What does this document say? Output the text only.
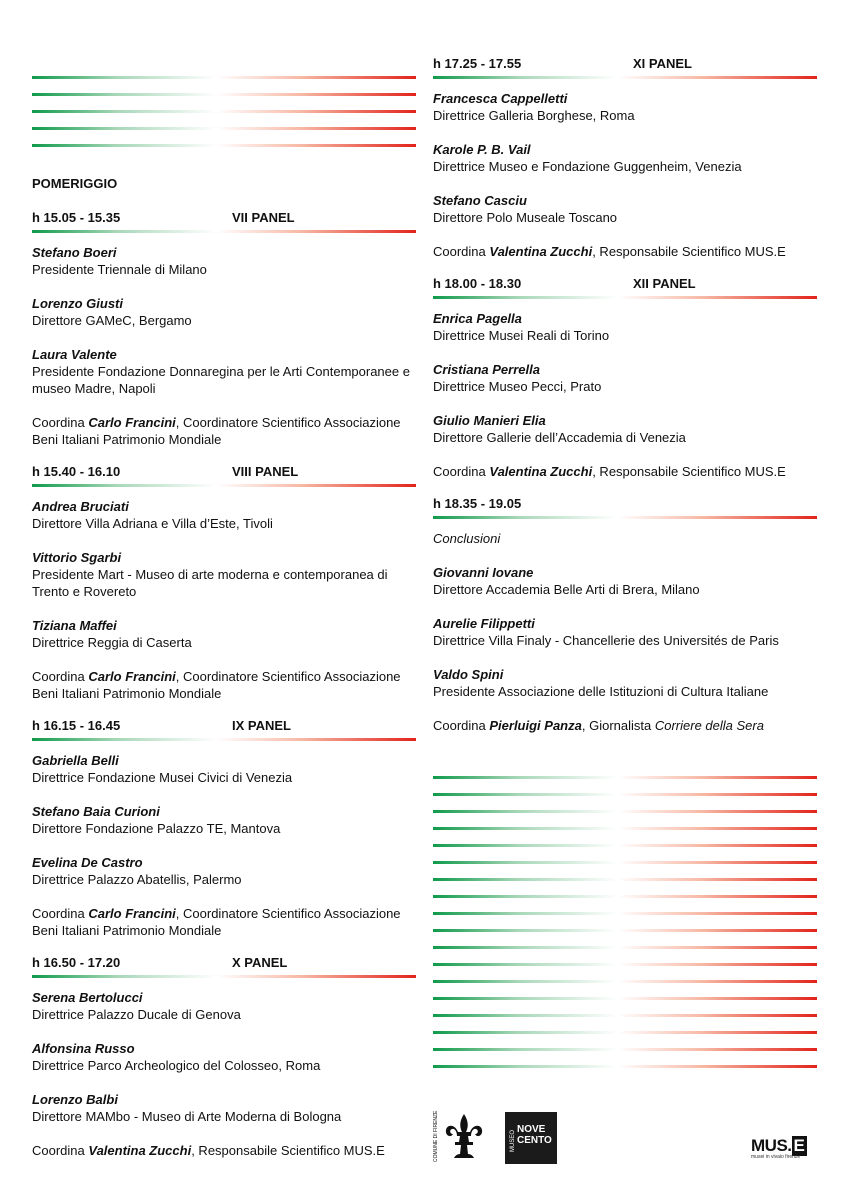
POMERIGGIO
h 15.05 - 15.35	VII PANEL
Stefano Boeri
Presidente Triennale di Milano
Lorenzo Giusti
Direttore GAMeC, Bergamo
Laura Valente
Presidente Fondazione Donnaregina per le Arti Contemporanee e museo Madre, Napoli
Coordina Carlo Francini, Coordinatore Scientifico Associazione Beni Italiani Patrimonio Mondiale
h 15.40 - 16.10	VIII PANEL
Andrea Bruciati
Direttore Villa Adriana e Villa d’Este, Tivoli
Vittorio Sgarbi
Presidente Mart - Museo di arte moderna e contemporanea di Trento e Rovereto
Tiziana Maffei
Direttrice Reggia di Caserta
Coordina Carlo Francini, Coordinatore Scientifico Associazione Beni Italiani Patrimonio Mondiale
h 16.15 - 16.45	IX PANEL
Gabriella Belli
Direttrice Fondazione Musei Civici di Venezia
Stefano Baia Curioni
Direttore Fondazione Palazzo TE, Mantova
Evelina De Castro
Direttrice Palazzo Abatellis, Palermo
Coordina Carlo Francini, Coordinatore Scientifico Associazione Beni Italiani Patrimonio Mondiale
h 16.50 - 17.20	X PANEL
Serena Bertolucci
Direttrice Palazzo Ducale di Genova
Alfonsina Russo
Direttrice Parco Archeologico del Colosseo, Roma
Lorenzo Balbi
Direttore MAMbo - Museo di Arte Moderna di Bologna
Coordina Valentina Zucchi, Responsabile Scientifico MUS.E
h 17.25 - 17.55	XI PANEL
Francesca Cappelletti
Direttrice Galleria Borghese, Roma
Karole P. B. Vail
Direttrice Museo e Fondazione Guggenheim, Venezia
Stefano Casciu
Direttore Polo Museale Toscano
Coordina Valentina Zucchi, Responsabile Scientifico MUS.E
h 18.00 - 18.30	XII PANEL
Enrica Pagella
Direttrice Musei Reali di Torino
Cristiana Perrella
Direttrice Museo Pecci, Prato
Giulio Manieri Elia
Direttore Gallerie dell’Accademia di Venezia
Coordina Valentina Zucchi, Responsabile Scientifico MUS.E
h 18.35 - 19.05
Conclusioni
Giovanni Iovane
Direttore Accademia Belle Arti di Brera, Milano
Aurelie Filippetti
Direttrice Villa Finaly - Chancellerie des Universités de Paris
Valdo Spini
Presidente Associazione delle Istituzioni di Cultura Italiane
Coordina Pierluigi Panza, Giornalista Corriere della Sera
COMUNE DI FIRENZE	MUSEO
NOVE
CENTO	MUS. E
musei in vivaio firenze
